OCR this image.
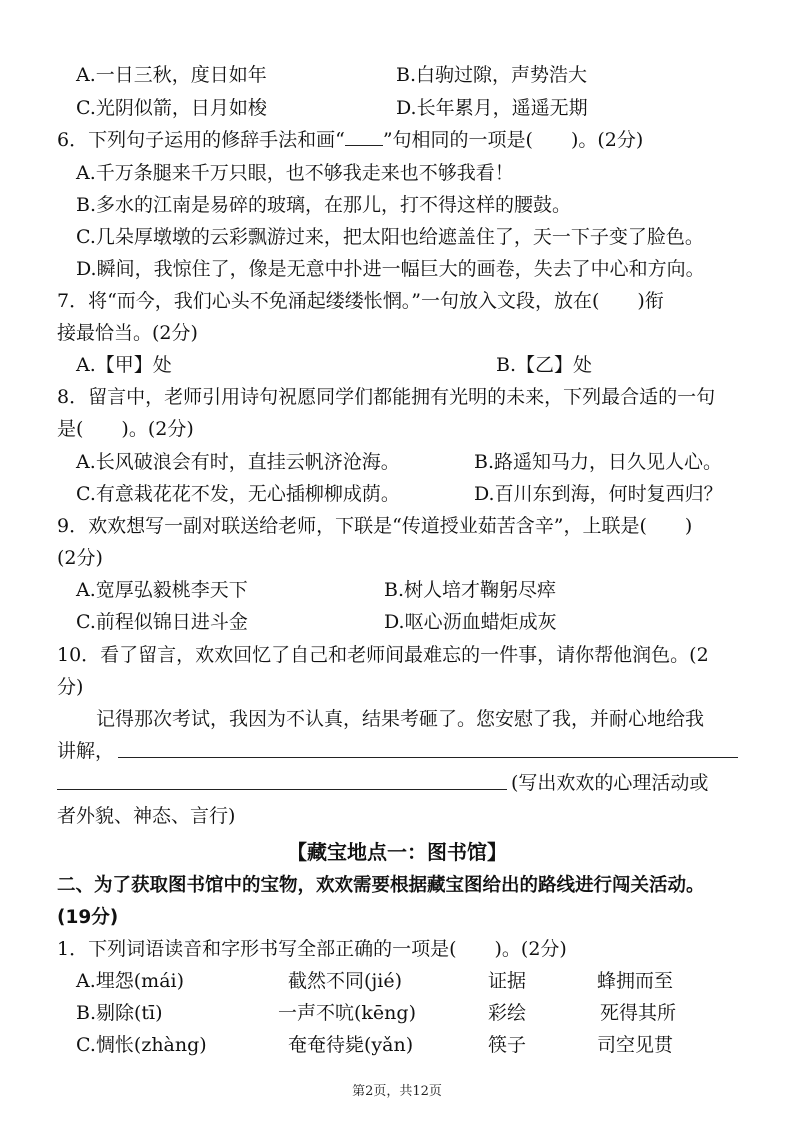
A.一日三秋，度日如年	B.白驹过隙，声势浩大
C.光阴似箭，日月如梭	D.长年累月，遥遥无期
6．下列句子运用的修辞手法和画“ ”句相同的一项是(　　)。(2分)
A.千万条腿来千万只眼，也不够我走来也不够我看！
B.多水的江南是易碎的玻璃，在那儿，打不得这样的腰鼓。
C.几朵厚墩墩的云彩飘游过来，把太阳也给遮盖住了，天一下子变了脸色。
D.瞬间，我惊住了，像是无意中扑进一幅巨大的画卷，失去了中心和方向。
7．将“而今，我们心头不免涌起缕缕怅惘。”一句放入文段，放在(　　)衔
接最恰当。(2分)
A.【甲】处	B.【乙】处
8．留言中，老师引用诗句祝愿同学们都能拥有光明的未来，下列最合适的一句
是(　　)。(2分)
A.长风破浪会有时，直挂云帆济沧海。	B.路遥知马力，日久见人心。
C.有意栽花花不发，无心插柳柳成荫。	D.百川东到海，何时复西归？
9．欢欢想写一副对联送给老师，下联是“传道授业茹苦含辛”，上联是(　　)
(2分)
A.宽厚弘毅桃李天下	B.树人培才鞠躬尽瘁
C.前程似锦日进斗金	D.呕心沥血蜡炬成灰
10．看了留言，欢欢回忆了自己和老师间最难忘的一件事，请你帮他润色。(2
分)
记得那次考试，我因为不认真，结果考砸了。您安慰了我，并耐心地给我
讲解，
(写出欢欢的心理活动或
者外貌、神态、言行)
【藏宝地点一：图书馆】
二、为了获取图书馆中的宝物，欢欢需要根据藏宝图给出的路线进行闯关活动。
(19分)
1．下列词语读音和字形书写全部正确的一项是(　　)。(2分)
A.埋怨(mái)	截然不同(jié)	证据	蜂拥而至
B.剔除(tī)	一声不吭(kēng)	彩绘	死得其所
C.惆怅(zhàng)	奄奄待毙(yǎn)	筷子	司空见贯
第2页，共12页
